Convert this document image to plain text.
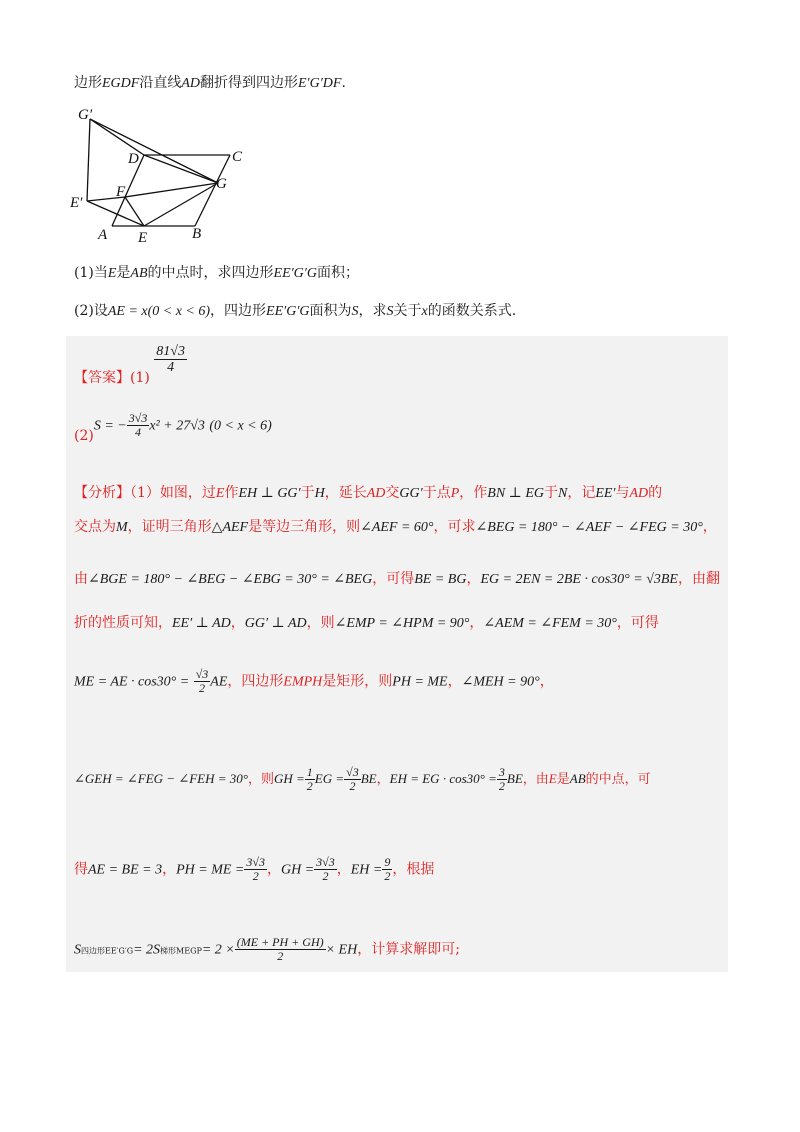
边形EGDF沿直线AD翻折得到四边形E′G′DF.
G′
D	C
G
F
E′
A E	B
(1)当E是AB的中点时，求四边形EE′G′G面积；
(2)设AE = x(0 < x < 6)，四边形EE′G′G面积为S，求S关于x的函数关系式.
【答案】(1)
$\frac{81√3}{4}$
(2)S = − $\frac{3√3}{4} x^2 + 27√3$ (0 < x < 6)
【分析】（1）如图，过E作EH ⊥ GG′于H，延长AD交GG′于点P，作BN ⊥ EG于N，记EE′与AD的
交点为M，证明三角形△AEF是等边三角形，则∠AEF = 60°，可求∠BEG = 180° − ∠AEF − ∠FEG = 30°，
由∠BGE = 180° − ∠BEG − ∠EBG = 30° = ∠BEG，可得BE = BG，EG = 2EN = 2BE · cos30° = √3BE，由翻
折的性质可知，EE′ ⊥ AD，GG′ ⊥ AD，则∠EMP = ∠HPM = 90°，∠AEM = ∠FEM = 30°，可得
ME = AE · $\cos 30^\circ = \frac{√3}{2}$ AE，四边形EMPH是矩形，则PH = ME，∠MEH = 90°，
∠GEH = ∠FEG − ∠FEH = 30°，则GH = $\frac{1}{2}$ EG = $\frac{√3}{2}$ BE，EH = EG · $\cos 30^\circ = \frac{3}{2}$ BE，由E是AB的中点，可
得AE = BE = 3，PH = ME = $\frac{3√3}{2}$ ，GH = $\frac{3√3}{2}$ ，EH = $\frac{9}{2}$ ，根据
S四边形EE′G′G= 2S梯形MEGP= $2 \times \frac{(ME + PH + GH)}{2}$ × EH，计算求解即可;
